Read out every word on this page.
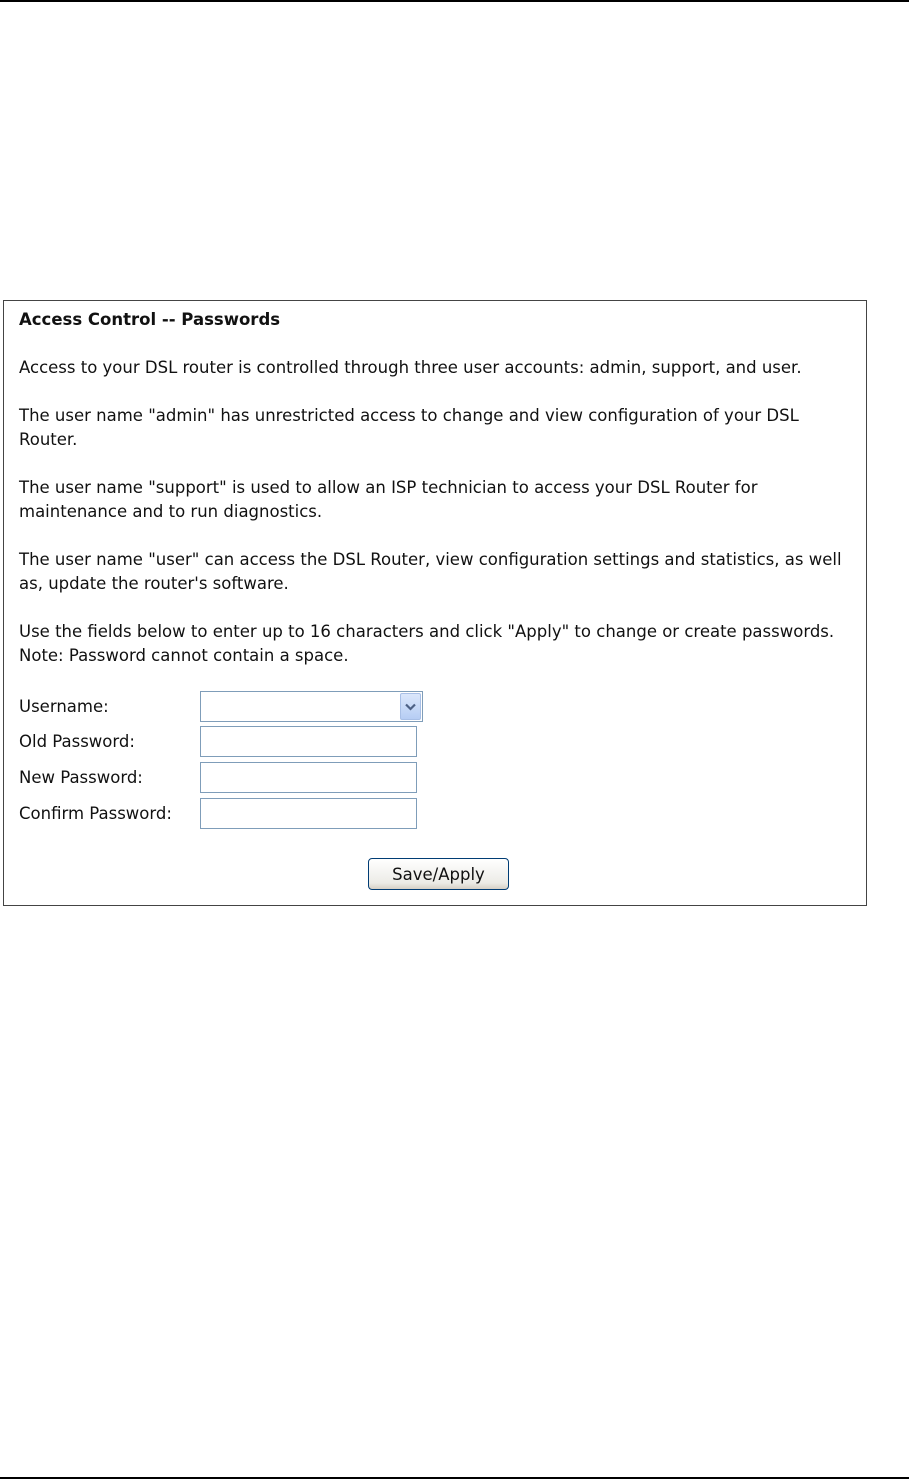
Access Control -- Passwords

Access to your DSL router is controlled through three user accounts: admin, support, and user.

The user name "admin" has unrestricted access to change and view configuration of your DSL Router.

The user name "support" is used to allow an ISP technician to access your DSL Router for maintenance and to run diagnostics.

The user name "user" can access the DSL Router, view configuration settings and statistics, as well as, update the router's software.

Use the fields below to enter up to 16 characters and click "Apply" to change or create passwords. Note: Password cannot contain a space.

Username:
Old Password:
New Password:
Confirm Password:
Save/Apply
